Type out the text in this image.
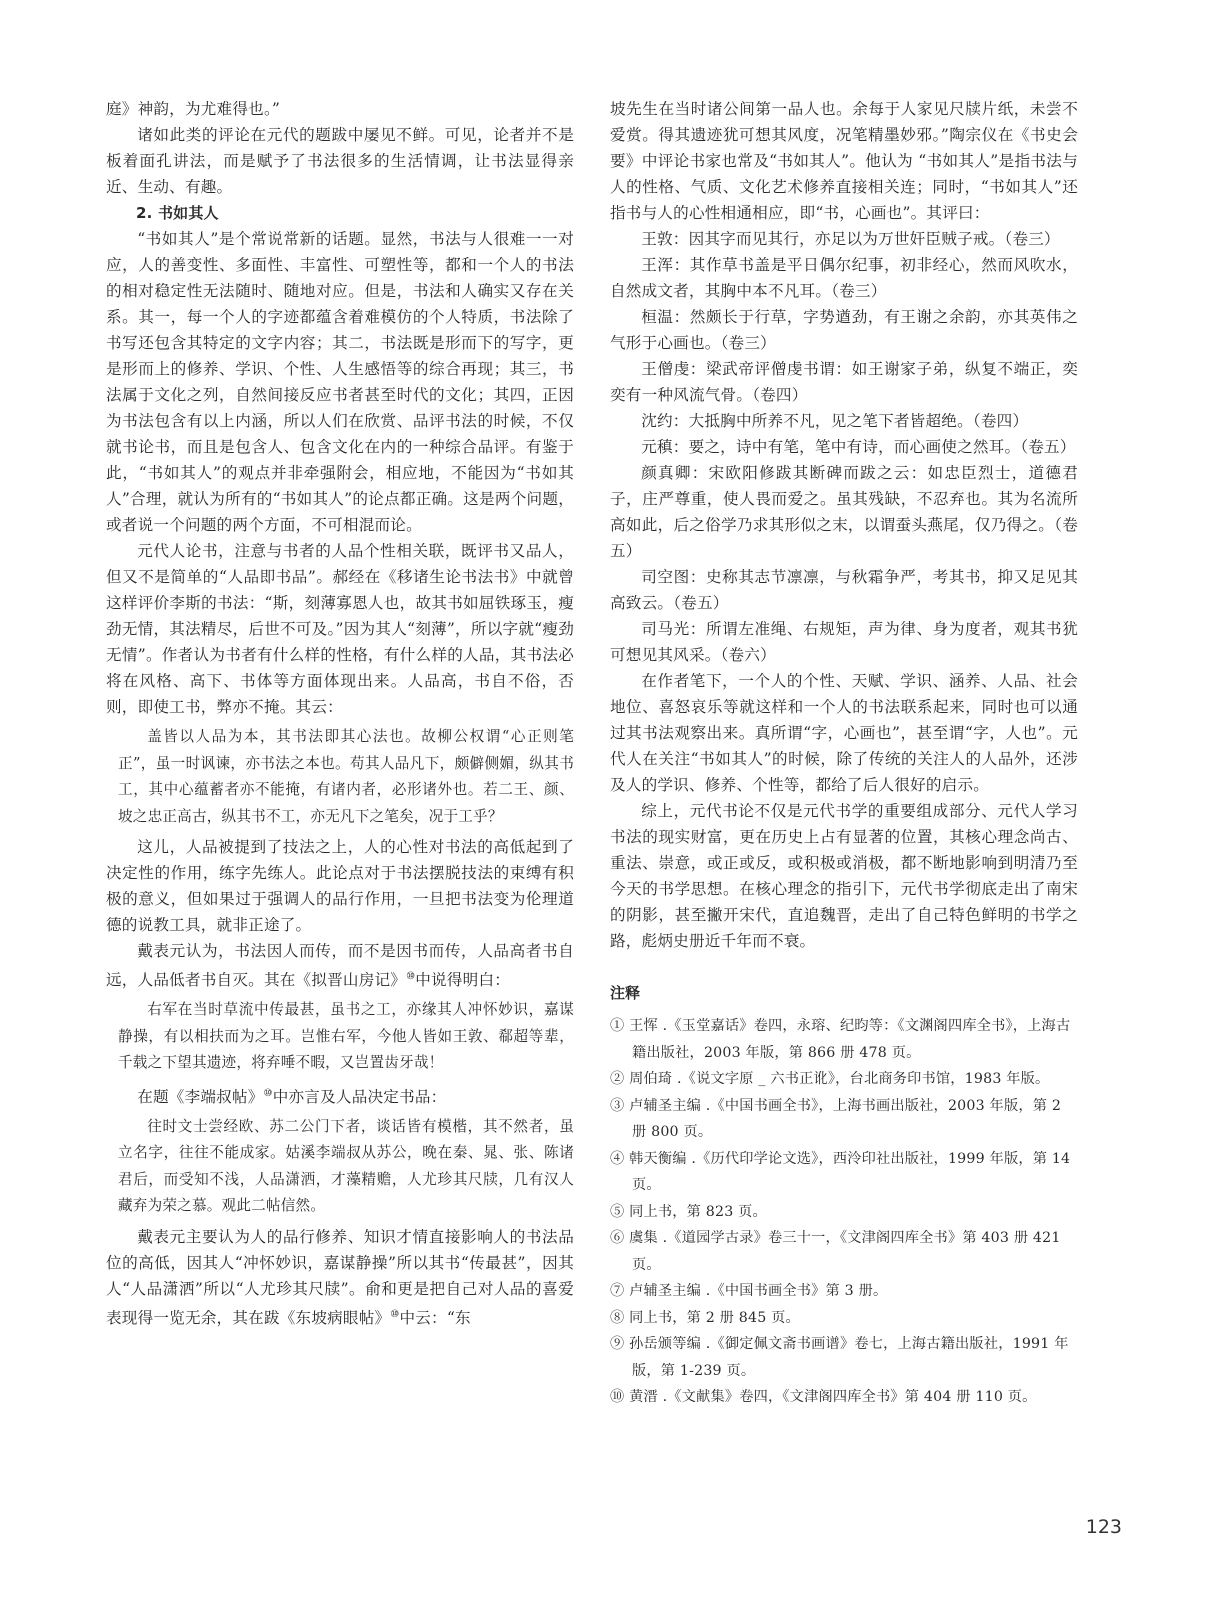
庭》神韵，为尤难得也。”

诸如此类的评论在元代的题跋中屡见不鲜。可见，论者并不是板着面孔讲法，而是赋予了书法很多的生活情调，让书法显得亲近、生动、有趣。

2. 书如其人

“书如其人”是个常说常新的话题。显然，书法与人很难一一对应，人的善变性、多面性、丰富性、可塑性等，都和一个人的书法的相对稳定性无法随时、随地对应。但是，书法和人确实又存在关系。其一，每一个人的字迹都蕴含着难模仿的个人特质，书法除了书写还包含其特定的文字内容；其二，书法既是形而下的写字，更是形而上的修养、学识、个性、人生感悟等的综合再现；其三，书法属于文化之列，自然间接反应书者甚至时代的文化；其四，正因为书法包含有以上内涵，所以人们在欣赏、品评书法的时候，不仅就书论书，而且是包含人、包含文化在内的一种综合品评。有鉴于此，“书如其人”的观点并非牵强附会，相应地，不能因为“书如其人”合理，就认为所有的“书如其人”的论点都正确。这是两个问题，或者说一个问题的两个方面，不可相混而论。

元代人论书，注意与书者的人品个性相关联，既评书又品人，但又不是简单的“人品即书品”。郝经在《移诸生论书法书》中就曾这样评价李斯的书法：“斯，刻薄寡恩人也，故其书如屈铁琢玉，瘦劲无情，其法精尽，后世不可及。”因为其人“刻薄”，所以字就“瘦劲无情”。作者认为书者有什么样的性格，有什么样的人品，其书法必将在风格、高下、书体等方面体现出来。人品高，书自不俗，否则，即使工书，弊亦不掩。其云：

盖皆以人品为本，其书法即其心法也。故柳公权谓“心正则笔正”，虽一时讽谏，亦书法之本也。苟其人品凡下，颇僻侧媚，纵其书工，其中心蕴蓄者亦不能掩，有诸内者，必形诸外也。若二王、颜、坡之忠正高古，纵其书不工，亦无凡下之笔矣，况于工乎？

这儿，人品被提到了技法之上，人的心性对书法的高低起到了决定性的作用，练字先练人。此论点对于书法摆脱技法的束缚有积极的意义，但如果过于强调人的品行作用，一旦把书法变为伦理道德的说教工具，就非正途了。

戴表元认为，书法因人而传，而不是因书而传，人品高者书自远，人品低者书自灭。其在《拟晋山房记》⑩中说得明白：

右军在当时草流中传最甚，虽书之工，亦缘其人冲怀妙识，嘉谋静操，有以相扶而为之耳。岂惟右军，今他人皆如王敦、郗超等辈，千载之下望其遗迹，将弃唾不暇，又岂置齿牙哉！

在题《李端叔帖》⑩中亦言及人品决定书品：

往时文士尝经欧、苏二公门下者，谈话皆有模楷，其不然者，虽立名字，往往不能成家。姑溪李端叔从苏公，晚在秦、晁、张、陈诸君后，而受知不浅，人品潇洒，才藻精赡，人尤珍其尺牍，几有汉人藏弃为荣之慕。观此二帖信然。

戴表元主要认为人的品行修养、知识才情直接影响人的书法品位的高低，因其人“冲怀妙识，嘉谋静操”所以其书“传最甚”，因其人“人品潇洒”所以“人尤珍其尺牍”。俞和更是把自己对人品的喜爱表现得一览无余，其在跋《东坡病眼帖》⑩中云：“东

坡先生在当时诸公间第一品人也。余每于人家见尺牍片纸，未尝不爱赏。得其遗迹犹可想其风度，况笔精墨妙邪。”陶宗仪在《书史会要》中评论书家也常及“书如其人”。他认为 “书如其人”是指书法与人的性格、气质、文化艺术修养直接相关连；同时，“书如其人”还指书与人的心性相通相应，即“书，心画也”。其评曰：

王敦：因其字而见其行，亦足以为万世奸臣贼子戒。（卷三）

王浑：其作草书盖是平日偶尔纪事，初非经心，然而风吹水，自然成文者，其胸中本不凡耳。（卷三）

桓温：然颇长于行草，字势遒劲，有王谢之余韵，亦其英伟之气形于心画也。（卷三）

王僧虔：梁武帝评僧虔书谓：如王谢家子弟，纵复不端正，奕奕有一种风流气骨。（卷四）

沈约：大抵胸中所养不凡，见之笔下者皆超绝。（卷四）

元稹：要之，诗中有笔，笔中有诗，而心画使之然耳。（卷五）

颜真卿：宋欧阳修跋其断碑而跋之云：如忠臣烈士，道德君子，庄严尊重，使人畏而爱之。虽其残缺，不忍弃也。其为名流所高如此，后之俗学乃求其形似之末，以谓蚕头燕尾，仅乃得之。（卷五）

司空图：史称其志节凛凛，与秋霜争严，考其书，抑又足见其高致云。（卷五）

司马光：所谓左准绳、右规矩，声为律、身为度者，观其书犹可想见其风采。（卷六）

在作者笔下，一个人的个性、天赋、学识、涵养、人品、社会地位、喜怒哀乐等就这样和一个人的书法联系起来，同时也可以通过其书法观察出来。真所谓“字，心画也”，甚至谓“字，人也”。元代人在关注“书如其人”的时候，除了传统的关注人的人品外，还涉及人的学识、修养、个性等，都给了后人很好的启示。

综上，元代书论不仅是元代书学的重要组成部分、元代人学习书法的现实财富，更在历史上占有显著的位置，其核心理念尚古、重法、崇意，或正或反，或积极或消极，都不断地影响到明清乃至今天的书学思想。在核心理念的指引下，元代书学彻底走出了南宋的阴影，甚至撇开宋代，直追魏晋，走出了自己特色鲜明的书学之路，彪炳史册近千年而不衰。

注释

① 王恽 .《玉堂嘉话》卷四，永瑢、纪昀等：《文渊阁四库全书》，上海古籍出版社，2003 年版，第 866 册 478 页。

② 周伯琦 .《说文字原 _ 六书正讹》，台北商务印书馆，1983 年版。

③ 卢辅圣主编 .《中国书画全书》，上海书画出版社，2003 年版，第 2 册 800 页。

④ 韩天衡编 .《历代印学论文选》，西泠印社出版社，1999 年版，第 14 页。

⑤ 同上书，第 823 页。

⑥ 虞集 .《道园学古录》卷三十一，《文津阁四库全书》第 403 册 421 页。

⑦ 卢辅圣主编 .《中国书画全书》第 3 册。

⑧ 同上书，第 2 册 845 页。

⑨ 孙岳颁等编 .《御定佩文斋书画谱》卷七，上海古籍出版社，1991 年版，第 1-239 页。

⑩ 黄溍 .《文献集》卷四，《文津阁四库全书》第 404 册 110 页。

123
